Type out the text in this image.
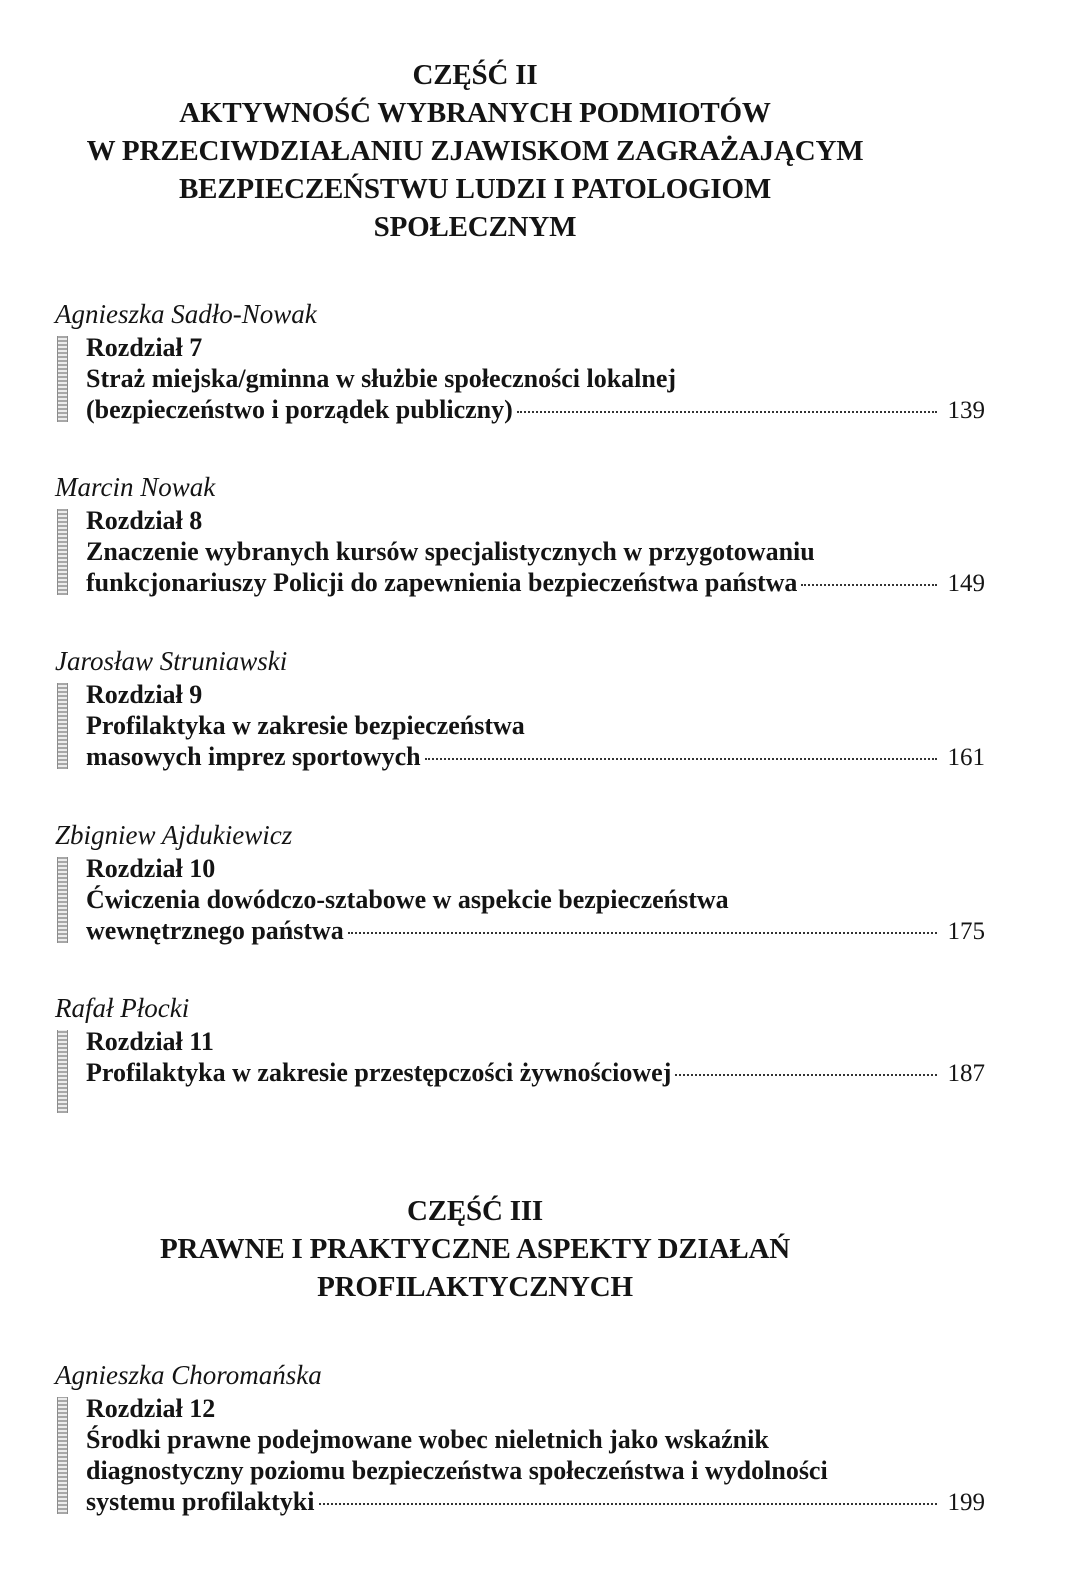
CZĘŚĆ II
AKTYWNOŚĆ WYBRANYCH PODMIOTÓW
W PRZECIWDZIAŁANIU ZJAWISKOM ZAGRAŻAJĄCYM
BEZPIECZEŃSTWU LUDZI I PATOLOGIOM
SPOŁECZNYM
Agnieszka Sadło-Nowak
Rozdział 7
Straż miejska/gminna w służbie społeczności lokalnej
(bezpieczeństwo i porządek publiczny)	139
Marcin Nowak
Rozdział 8
Znaczenie wybranych kursów specjalistycznych w przygotowaniu
funkcjonariuszy Policji do zapewnienia bezpieczeństwa państwa	149
Jarosław Struniawski
Rozdział 9
Profilaktyka w zakresie bezpieczeństwa
masowych imprez sportowych	161
Zbigniew Ajdukiewicz
Rozdział 10
Ćwiczenia dowódczo-sztabowe w aspekcie bezpieczeństwa
wewnętrznego państwa	175
Rafał Płocki
Rozdział 11
Profilaktyka w zakresie przestępczości żywnościowej	187
CZĘŚĆ III
PRAWNE I PRAKTYCZNE ASPEKTY DZIAŁAŃ
PROFILAKTYCZNYCH
Agnieszka Choromańska
Rozdział 12
Środki prawne podejmowane wobec nieletnich jako wskaźnik
diagnostyczny poziomu bezpieczeństwa społeczeństwa i wydolności
systemu profilaktyki	199
